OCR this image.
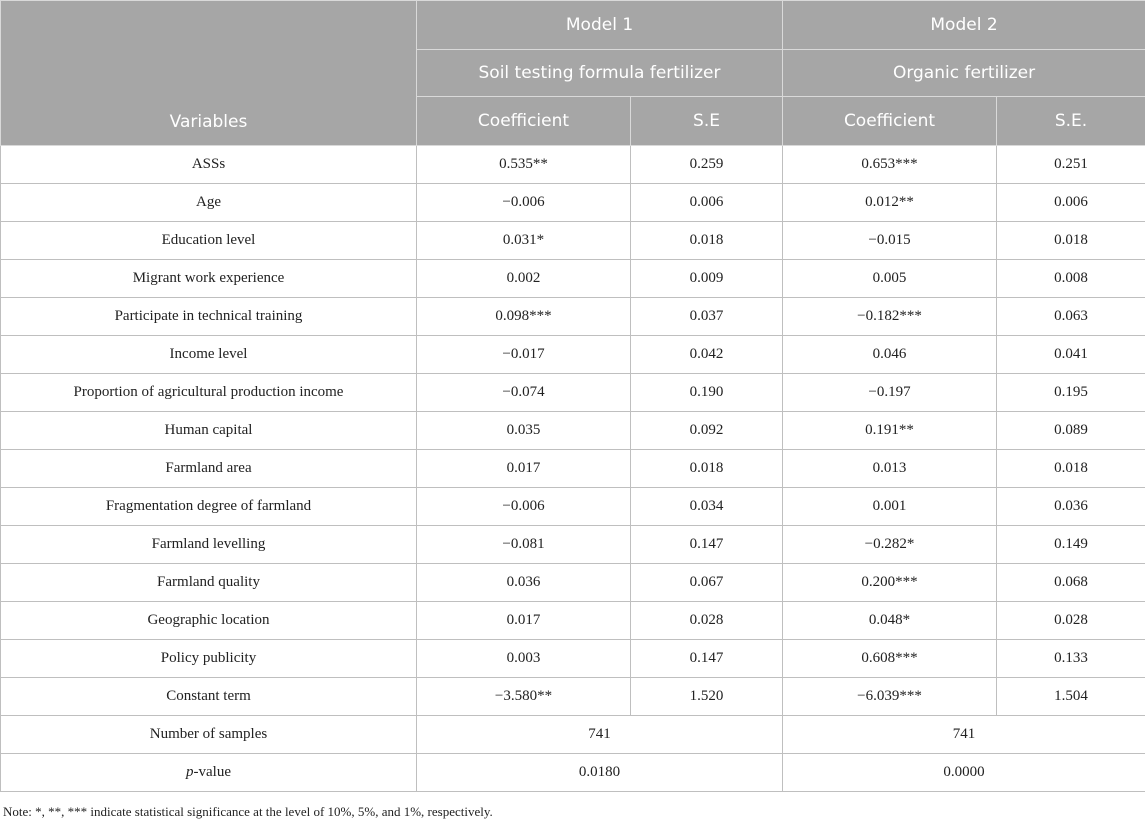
Variables	Model 1		Model 2	
	Soil testing formula fertilizer		Organic fertilizer	
	Coefficient	S.E	Coefficient	S.E.
ASSs	0.535**	0.259	0.653***	0.251
Age	−0.006	0.006	0.012**	0.006
Education level	0.031*	0.018	−0.015	0.018
Migrant work experience	0.002	0.009	0.005	0.008
Participate in technical training	0.098***	0.037	−0.182***	0.063
Income level	−0.017	0.042	0.046	0.041
Proportion of agricultural production income	−0.074	0.190	−0.197	0.195
Human capital	0.035	0.092	0.191**	0.089
Farmland area	0.017	0.018	0.013	0.018
Fragmentation degree of farmland	−0.006	0.034	0.001	0.036
Farmland levelling	−0.081	0.147	−0.282*	0.149
Farmland quality	0.036	0.067	0.200***	0.068
Geographic location	0.017	0.028	0.048*	0.028
Policy publicity	0.003	0.147	0.608***	0.133
Constant term	−3.580**	1.520	−6.039***	1.504
Number of samples	741		741	
p-value	0.0180		0.0000	
Note: *, **, *** indicate statistical significance at the level of 10%, 5%, and 1%, respectively.
